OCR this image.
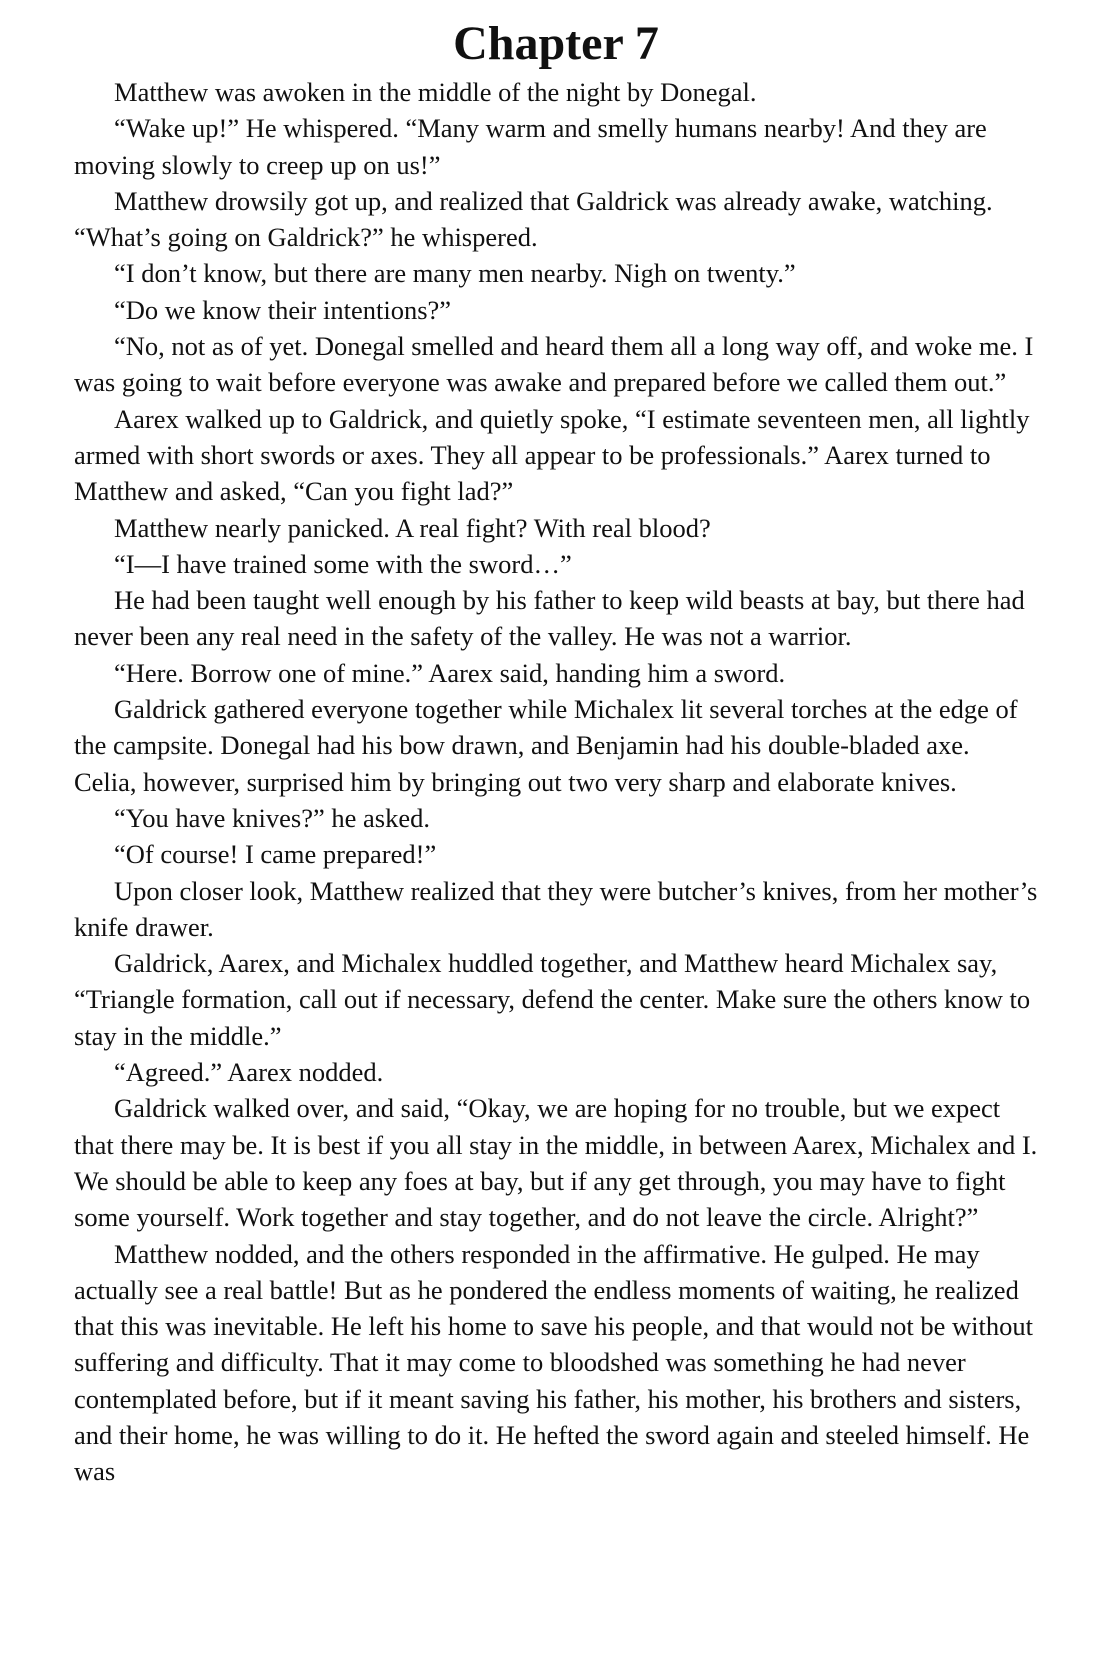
Chapter 7

Matthew was awoken in the middle of the night by Donegal.

“Wake up!” He whispered. “Many warm and smelly humans nearby! And they are moving slowly to creep up on us!”

Matthew drowsily got up, and realized that Galdrick was already awake, watching. “What’s going on Galdrick?” he whispered.

“I don’t know, but there are many men nearby. Nigh on twenty.”

“Do we know their intentions?”

“No, not as of yet. Donegal smelled and heard them all a long way off, and woke me. I was going to wait before everyone was awake and prepared before we called them out.”

Aarex walked up to Galdrick, and quietly spoke, “I estimate seventeen men, all lightly armed with short swords or axes. They all appear to be professionals.” Aarex turned to Matthew and asked, “Can you fight lad?”

Matthew nearly panicked. A real fight? With real blood?

“I—I have trained some with the sword…”

He had been taught well enough by his father to keep wild beasts at bay, but there had never been any real need in the safety of the valley. He was not a warrior.

“Here. Borrow one of mine.” Aarex said, handing him a sword.

Galdrick gathered everyone together while Michalex lit several torches at the edge of the campsite. Donegal had his bow drawn, and Benjamin had his double-bladed axe. Celia, however, surprised him by bringing out two very sharp and elaborate knives.

“You have knives?” he asked.

“Of course! I came prepared!”

Upon closer look, Matthew realized that they were butcher’s knives, from her mother’s knife drawer.

Galdrick, Aarex, and Michalex huddled together, and Matthew heard Michalex say, “Triangle formation, call out if necessary, defend the center. Make sure the others know to stay in the middle.”

“Agreed.” Aarex nodded.

Galdrick walked over, and said, “Okay, we are hoping for no trouble, but we expect that there may be. It is best if you all stay in the middle, in between Aarex, Michalex and I. We should be able to keep any foes at bay, but if any get through, you may have to fight some yourself. Work together and stay together, and do not leave the circle. Alright?”

Matthew nodded, and the others responded in the affirmative. He gulped. He may actually see a real battle! But as he pondered the endless moments of waiting, he realized that this was inevitable. He left his home to save his people, and that would not be without suffering and difficulty. That it may come to bloodshed was something he had never contemplated before, but if it meant saving his father, his mother, his brothers and sisters, and their home, he was willing to do it. He hefted the sword again and steeled himself. He was
